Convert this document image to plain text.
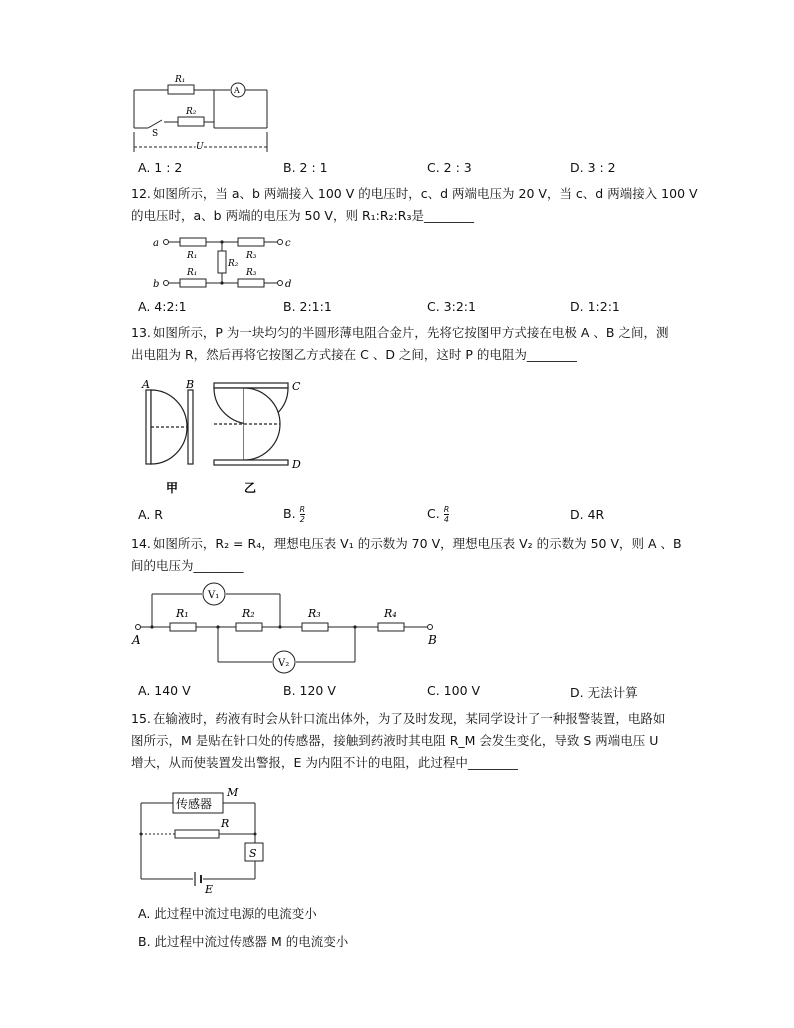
R₁
A
R₂
S
U
A. 1 : 2	B. 2 : 1	C. 2 : 3	D. 3 : 2
12. 如图所示，当 a、b 两端接入 100 V 的电压时，c、d 两端电压为 20 V，当 c、d 两端接入 100 V
的电压时，a、b 两端的电压为 50 V，则 R₁:R₂:R₃是________
a
b
c
d
R₁
R₁
R₂
R₃
R₃
A. 4:2:1	B. 2:1:1	C. 3:2:1	D. 1:2:1
13. 如图所示，P 为一块均匀的半圆形薄电阻合金片，先将它按图甲方式接在电极 A 、B 之间，测
出电阻为 R，然后再将它按图乙方式接在 C 、D 之间，这时 P 的电阻为________
A	B	C
D
甲	乙
A. R	B. $\frac{R}{2}$	C. $\frac{R}{4}$	D. 4R
14. 如图所示，R₂ = R₄，理想电压表 V₁ 的示数为 70 V，理想电压表 V₂ 的示数为 50 V，则 A 、B
间的电压为________
V₁
V₂
R₁	R₂	R₃	R₄
A	B
A. 140 V	B. 120 V	C. 100 V	D. 无法计算
15. 在输液时，药液有时会从针口流出体外，为了及时发现，某同学设计了一种报警装置，电路如
图所示，M 是贴在针口处的传感器，接触到药液时其电阻 R_M 会发生变化，导致 S 两端电压 U
增大，从而使装置发出警报，E 为内阻不计的电阻，此过程中________
传感器
M
R
S
E
A. 此过程中流过电源的电流变小
B. 此过程中流过传感器 M 的电流变小
